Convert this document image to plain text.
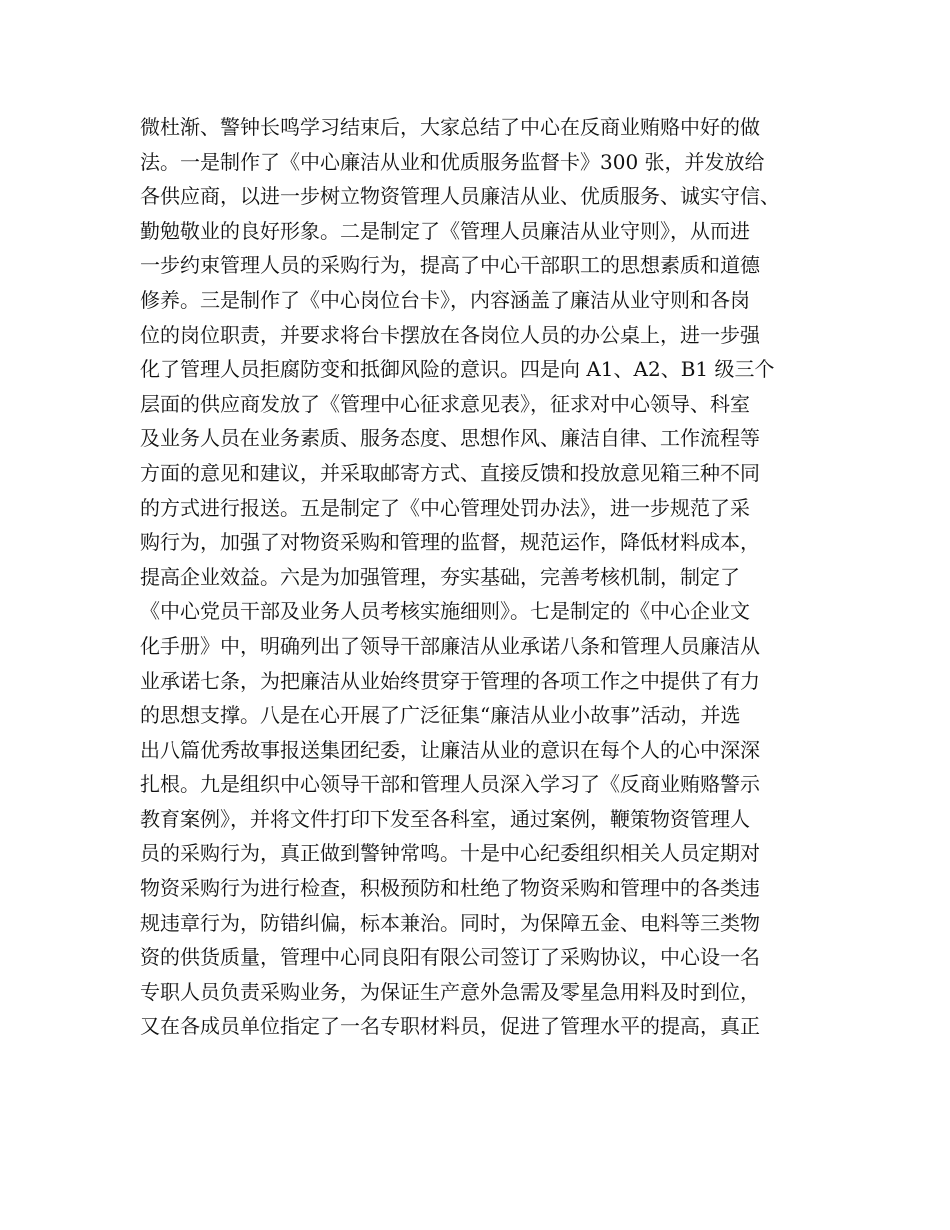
微杜渐、警钟长鸣学习结束后，大家总结了中心在反商业贿赂中好的做
法。一是制作了《中心廉洁从业和优质服务监督卡》300 张，并发放给
各供应商，以进一步树立物资管理人员廉洁从业、优质服务、诚实守信、
勤勉敬业的良好形象。二是制定了《管理人员廉洁从业守则》，从而进
一步约束管理人员的采购行为，提高了中心干部职工的思想素质和道德
修养。三是制作了《中心岗位台卡》，内容涵盖了廉洁从业守则和各岗
位的岗位职责，并要求将台卡摆放在各岗位人员的办公桌上，进一步强
化了管理人员拒腐防变和抵御风险的意识。四是向 A1、A2、B1 级三个
层面的供应商发放了《管理中心征求意见表》，征求对中心领导、科室
及业务人员在业务素质、服务态度、思想作风、廉洁自律、工作流程等
方面的意见和建议，并采取邮寄方式、直接反馈和投放意见箱三种不同
的方式进行报送。五是制定了《中心管理处罚办法》，进一步规范了采
购行为，加强了对物资采购和管理的监督，规范运作，降低材料成本，
提高企业效益。六是为加强管理，夯实基础，完善考核机制，制定了
《中心党员干部及业务人员考核实施细则》。七是制定的《中心企业文
化手册》中，明确列出了领导干部廉洁从业承诺八条和管理人员廉洁从
业承诺七条，为把廉洁从业始终贯穿于管理的各项工作之中提供了有力
的思想支撑。八是在心开展了广泛征集“廉洁从业小故事”活动，并选
出八篇优秀故事报送集团纪委，让廉洁从业的意识在每个人的心中深深
扎根。九是组织中心领导干部和管理人员深入学习了《反商业贿赂警示
教育案例》，并将文件打印下发至各科室，通过案例，鞭策物资管理人
员的采购行为，真正做到警钟常鸣。十是中心纪委组织相关人员定期对
物资采购行为进行检查，积极预防和杜绝了物资采购和管理中的各类违
规违章行为，防错纠偏，标本兼治。同时，为保障五金、电料等三类物
资的供货质量，管理中心同良阳有限公司签订了采购协议，中心设一名
专职人员负责采购业务，为保证生产意外急需及零星急用料及时到位，
又在各成员单位指定了一名专职材料员，促进了管理水平的提高，真正
